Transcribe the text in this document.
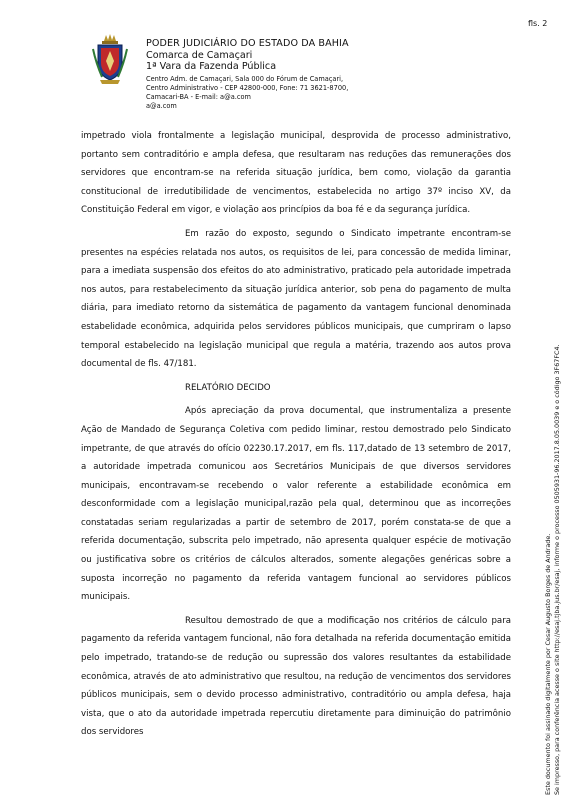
fls. 2
PODER JUDICIÁRIO DO ESTADO DA BAHIA
Comarca de Camaçari
1ª Vara da Fazenda Pública
Centro Adm. de Camaçari, Sala 000 do Fórum de Camaçari,
Centro Administrativo - CEP 42800-000, Fone: 71 3621-8700,
Camacari-BA - E-mail: a@a.com
a@a.com

impetrado viola frontalmente a legislação municipal, desprovida de processo administrativo, portanto sem contraditório e ampla defesa, que resultaram nas reduções das remunerações dos servidores que encontram-se na referida situação jurídica, bem como, violação da garantia constitucional de irredutibilidade de vencimentos, estabelecida no artigo 37º inciso XV, da Constituição Federal em vigor, e violação aos princípios da boa fé e da segurança jurídica.

Em razão do exposto, segundo o Sindicato impetrante encontram-se presentes na espécies relatada nos autos, os requisitos de lei, para concessão de medida liminar, para a imediata suspensão dos efeitos do ato administrativo, praticado pela autoridade impetrada nos autos, para restabelecimento da situação jurídica anterior, sob pena do pagamento de multa diária, para imediato retorno da sistemática de pagamento da vantagem funcional denominada estabelidade econômica, adquirida pelos servidores públicos municipais, que cumpriram o lapso temporal estabelecido na legislação municipal que regula a matéria, trazendo aos autos prova documental de fls. 47/181.

RELATÓRIO DECIDO

Após apreciação da prova documental, que instrumentaliza a presente Ação de Mandado de Segurança Coletiva com pedido liminar, restou demostrado pelo Sindicato impetrante, de que através do ofício 02230.17.2017, em fls. 117,datado de 13 setembro de 2017, a autoridade impetrada comunicou aos Secretários Municipais de que diversos servidores municipais, encontravam-se recebendo o valor referente a estabilidade econômica em desconformidade com a legislação municipal,razão pela qual, determinou que as incorreções constatadas seriam regularizadas a partir de setembro de 2017, porém constata-se de que a referida documentação, subscrita pelo impetrado, não apresenta qualquer espécie de motivação ou justificativa sobre os critérios de cálculos alterados, somente alegações genéricas sobre a suposta incorreção no pagamento da referida vantagem funcional ao servidores públicos municipais.

Resultou demostrado de que a modificação nos critérios de cálculo para pagamento da referida vantagem funcional, não fora detalhada na referida documentação emitida pelo impetrado, tratando-se de redução ou supressão dos valores resultantes da estabilidade econômica, através de ato administrativo que resultou, na redução de vencimentos dos servidores públicos municipais, sem o devido processo administrativo, contraditório ou ampla defesa, haja vista, que o ato da autoridade impetrada repercutiu diretamente para diminuição do patrimônio dos servidores	Este documento foi assinado digitalmente por Cesar Augusto Borges de Andrade. Se impresso, para conferência acesse o site http://esaj.tjba.jus.br/esaj, informe o processo 0505931-96.2017.8.05.0039 e o código 3F67FC4.
